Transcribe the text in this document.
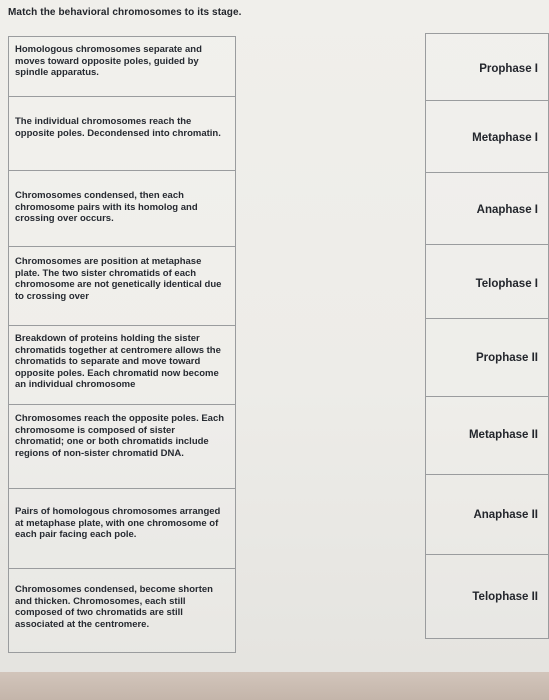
Match the behavioral chromosomes to its stage.
Homologous chromosomes separate and moves toward opposite poles, guided by spindle apparatus.
The individual chromosomes reach the opposite poles. Decondensed into chromatin.
Chromosomes condensed, then each chromosome pairs with its homolog and crossing over occurs.
Chromosomes are position at metaphase plate. The two sister chromatids of each chromosome are not genetically identical due to crossing over
Breakdown of proteins holding the sister chromatids together at centromere allows the chromatids to separate and move toward opposite poles. Each chromatid now become an individual chromosome
Chromosomes reach the opposite poles. Each chromosome is composed of sister chromatid; one or both chromatids include regions of non-sister chromatid DNA.
Pairs of homologous chromosomes arranged at metaphase plate, with one chromosome of each pair facing each pole.
Chromosomes condensed, become shorten and thicken. Chromosomes, each still composed of two chromatids are still associated at the centromere.
Prophase I
Metaphase I
Anaphase I
Telophase I
Prophase II
Metaphase II
Anaphase II
Telophase II
